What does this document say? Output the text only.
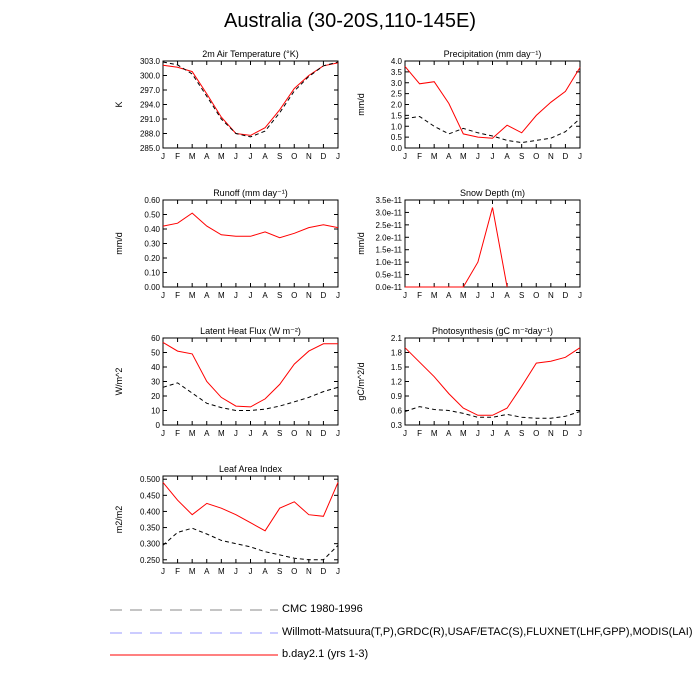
Australia (30-20S,110-145E)
2m Air Temperature (°K)
K
285.0
288.0
291.0
294.0
297.0
300.0
303.0
J F M A M J J A S O N D J
Precipitation (mm day⁻¹)
mm/d
0.0
0.5
1.0
1.5
2.0
2.5
3.0
3.5
4.0
J F M A M J J A S O N D J
Runoff (mm day⁻¹)
mm/d
0.00
0.10
0.20
0.30
0.40
0.50
0.60
J F M A M J J A S O N D J
Snow Depth (m)
mm/d
0.0e-11
0.5e-11
1.0e-11
1.5e-11
2.0e-11
2.5e-11
3.0e-11
3.5e-11
J F M A M J J A S O N D J
Latent Heat Flux (W m⁻²)
W/m^2
0
10
20
30
40
50
60
J F M A M J J A S O N D J
Photosynthesis (gC m⁻²day⁻¹)
gC/m^2/d
0.3
0.6
0.9
1.2
1.5
1.8
2.1
J F M A M J J A S O N D J
Leaf Area Index
m2/m2
0.250
0.300
0.350
0.400
0.450
0.500
J F M A M J J A S O N D J
CMC 1980-1996
Willmott-Matsuura(T,P),GRDC(R),USAF/ETAC(S),FLUXNET(LHF,GPP),MODIS(LAI)
b.day2.1 (yrs 1-3)
